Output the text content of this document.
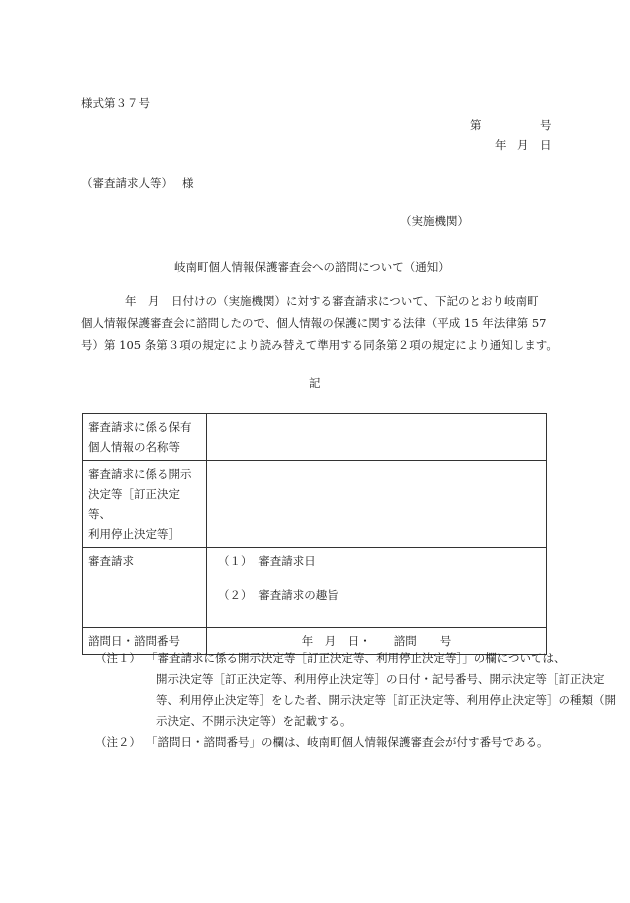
様式第３７号
第	号
年 月 日
（審査請求人等） 様
（実施機関）
岐南町個人情報保護審査会への諮問について（通知）
年　月　日付けの（実施機関）に対する審査請求について、下記のとおり岐南町
個人情報保護審査会に諮問したので、個人情報の保護に関する法律（平成 15 年法律第 57
号）第 105 条第３項の規定により読み替えて準用する同条第２項の規定により通知します。
記
審査請求に係る保有
個人情報の名称等	

審査請求に係る開示
決定等［訂正決定等、
利用停止決定等］	

審査請求	（１）　審査請求日
（２）　審査請求の趣旨

諮問日・諮問番号	年　月　日・　　諮問　　号
（注１） 「審査請求に係る開示決定等［訂正決定等、利用停止決定等］」の欄については、
開示決定等［訂正決定等、利用停止決定等］の日付・記号番号、開示決定等［訂正決定
等、利用停止決定等］をした者、開示決定等［訂正決定等、利用停止決定等］の種類（開
示決定、不開示決定等）を記載する。
（注２） 「諮問日・諮問番号」の欄は、岐南町個人情報保護審査会が付す番号である。
